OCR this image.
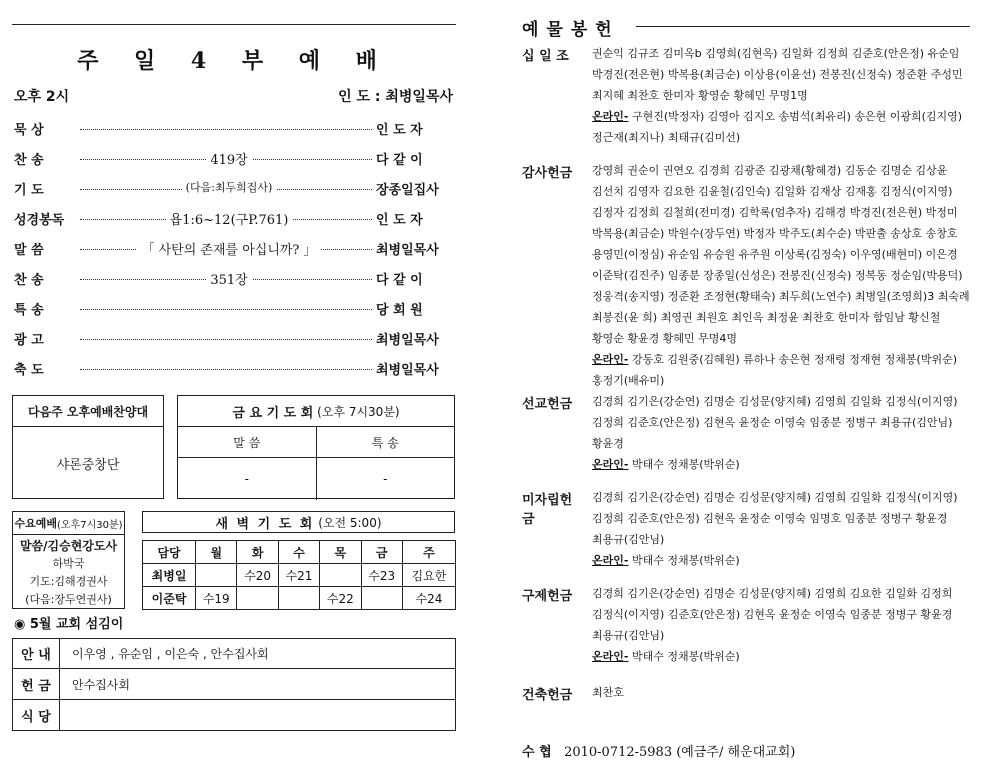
주 일 4 부 예 배
오후 2시	인 도 : 최병일목사
묵 상	인 도 자
찬 송	419장	다 같 이
기 도	(다음:최두희집사)	장종일집사
성경봉독	욥1:6~12(구P.761)	인 도 자
말 씀	「 사탄의 존재를 아십니까? 」	최병일목사
찬 송	351장	다 같 이
특 송	당 회 원
광 고	최병일목사
축 도	최병일목사
다음주 오후예배찬양대
샤론중창단
금 요 기 도 회
(오후 7시30분)
말 씀	특 송
-	-
수요예배 (오후7시30분)
말씀/김승현강도사
하박국
기도:김해경권사
(다음:장두연권사)
새 벽 기 도 회
(오전 5:00)
담당	월	화	수	목	금	주
최병일		수20	수21		수23	김요한
이준탁	수19			수22		수24
◉ 5월 교회 섬김이
안 내	이우영 , 유순임 , 이은숙 , 안수집사회
헌 금	안수집사회
식 당
예물봉헌
십 일 조	권순익 김규조 김미옥b 김영희(김현옥) 김일화 김정희 김준호(안은정) 유순임
박경진(전은현) 박복용(최금순) 이상용(이윤선) 전봉진(신정숙) 정준환 주성민
최지혜 최찬호 한미자 황영순 황혜민 무명1명
온라인- 구현진(박정자) 김영아 김지오 송범석(최유리) 송은현 이광희(김지영)
정근재(최지나) 최태규(김미선)
감사헌금	강영희 권순이 권연오 김경희 김광준 김광채(황혜경) 김동순 김명순 김상윤
김선치 김영자 김요한 김윤철(김인숙) 김일화 김재상 김재홍 김정식(이지영)
김정자 김정희 김철희(전미경) 김학록(엄추자) 김해경 박경진(전은현) 박정미
박복용(최금순) 박원수(장두연) 박정자 박주도(최수순) 박판출 송상호 송창호
용영민(이정심) 유순임 유승원 유주원 이상록(김정숙) 이우영(배현미) 이은경
이준탁(김진주) 임종분 장종일(신성은) 전봉진(신정숙) 정복동 정순임(박용덕)
정웅격(송지영) 정준환 조정현(황태숙) 최두희(노연수) 최병일(조영희)3 최숙례
최봉진(윤 희) 최영권 최원호 최인옥 최정윤 최찬호 한미자 함임남 황신철
황영순 황윤경 황혜민 무명4명
온라인- 강동호 김원중(김혜원) 류하나 송은현 정재령 정재현 정채봉(박위순)
홍정기(배유미)
선교헌금	김경희 김기은(강순연) 김명순 김성문(양지혜) 김영희 김일화 김정식(이지영)
김정희 김준호(안은정) 김현옥 윤정순 이영숙 임종분 정병구 최용규(김안님)
황윤경
온라인- 박태수 정채봉(박위순)
미자립헌금
김경희 김기은(강순연) 김명순 김성문(양지혜) 김영희 김일화 김정식(이지영)
김정희 김준호(안은정) 김현옥 윤정순 이영숙 임명호 임종분 정병구 황윤경
최용규(김안님)
온라인- 박태수 정채봉(박위순)
구제헌금	김경희 김기은(강순연) 김명순 김성문(양지혜) 김영희 김요한 김일화 김정희
김정식(이지영) 김준호(안은정) 김현옥 윤정순 이영숙 임종분 정병구 황윤경
최용규(김안님)
온라인- 박태수 정채봉(박위순)
건축헌금	최찬호
수 협 2010-0712-5983 (예금주/ 해운대교회)
